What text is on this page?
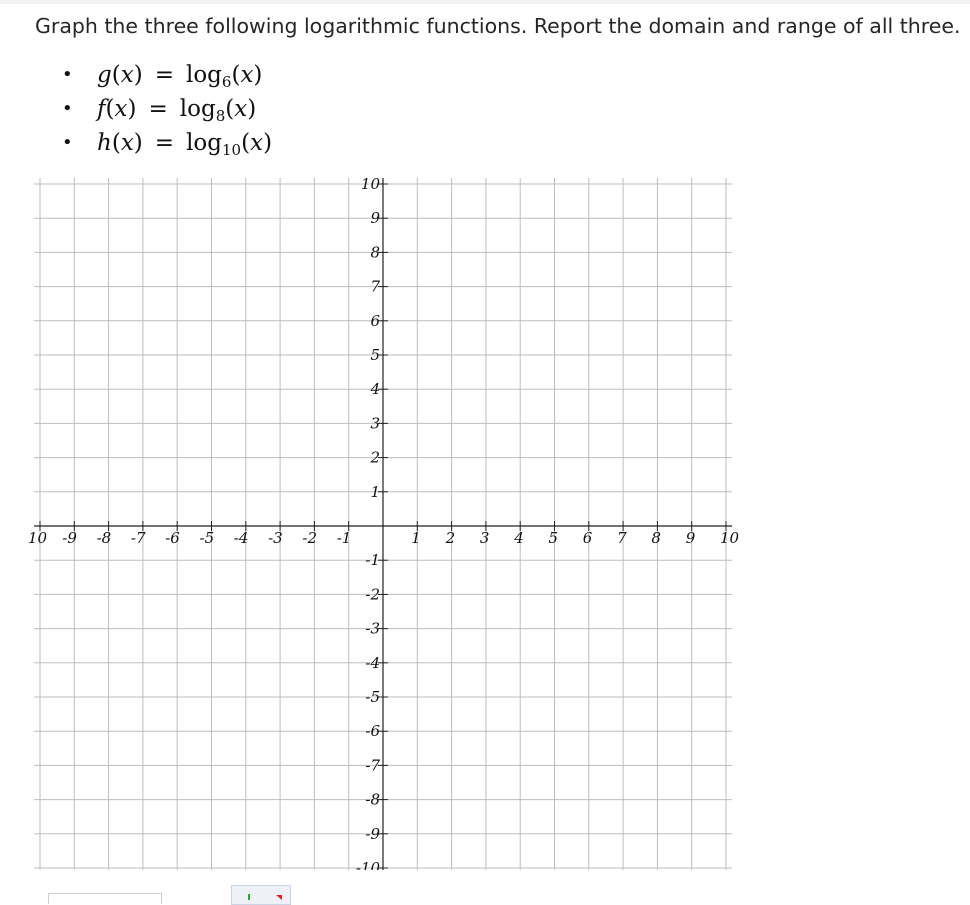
Graph the three following logarithmic functions. Report the domain and range of all three.
• $g(x) = \log_6(x)$
• $f(x) = \log_8(x)$
• $h(x) = \log_{10}(x)$
10 -9 -8 -7 -6 -5 -4 -3 -2 -1	1 2 3 4 5 6 7 8 9 10
10
9
8
7
6
5
4
3
2
1
-1
-2
-3
-4
-5
-6
-7
-8
-9
-10
